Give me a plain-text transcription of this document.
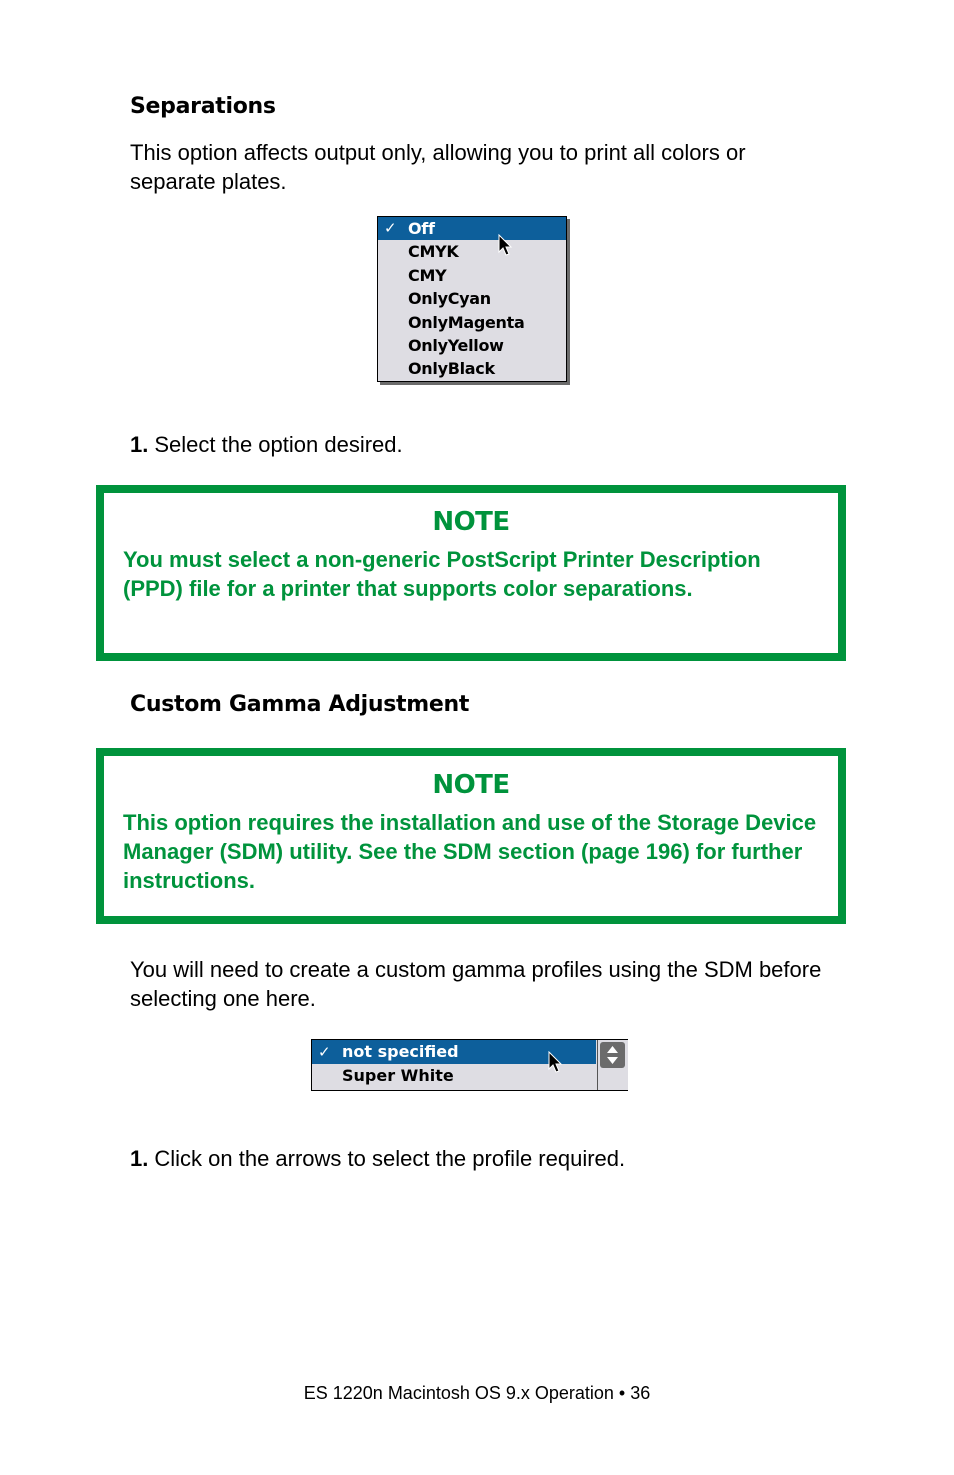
Separations
This option affects output only, allowing you to print all colors or separate plates.
✓ Off
CMYK
CMY
OnlyCyan
OnlyMagenta
OnlyYellow
OnlyBlack
1. Select the option desired.
NOTE
You must select a non-generic PostScript Printer Description (PPD) file for a printer that supports color separations.
Custom Gamma Adjustment
NOTE
This option requires the installation and use of the Storage Device Manager (SDM) utility. See the SDM section (page 196) for further instructions.
You will need to create a custom gamma profiles using the SDM before selecting one here.
✓ not specified
Super White
1. Click on the arrows to select the profile required.
ES 1220n Macintosh OS 9.x Operation • 36
